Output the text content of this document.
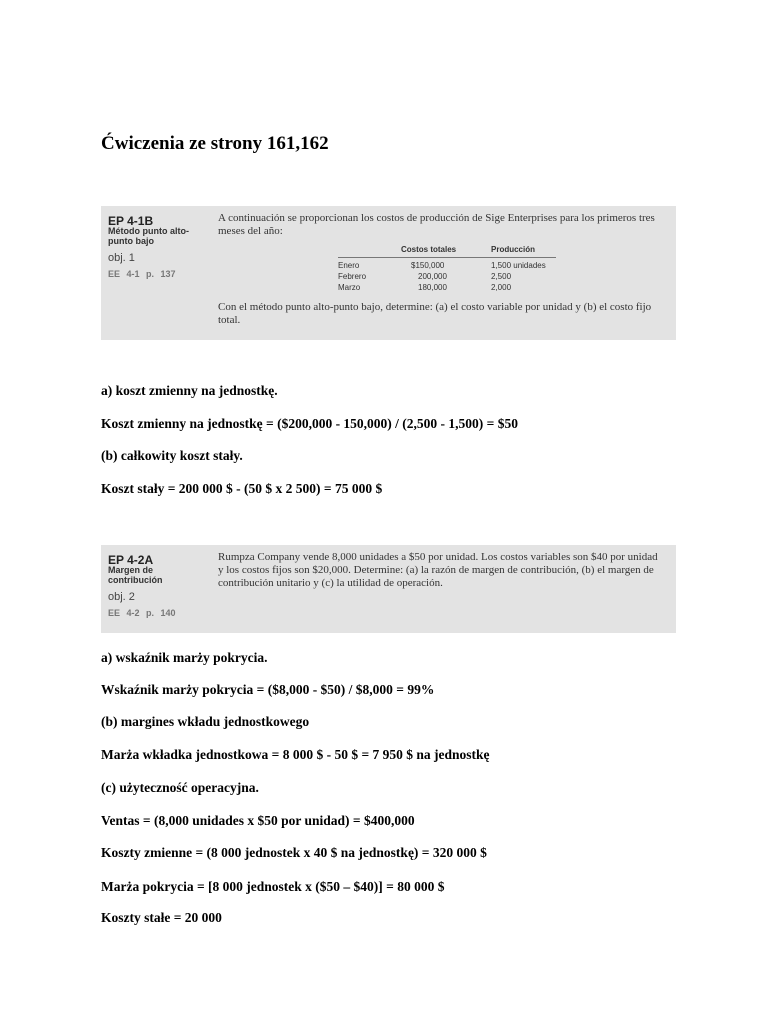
Ćwiczenia ze strony 161,162
EP 4-1B
Método punto alto-punto bajo
obj. 1
EE 4-1 p. 137
A continuación se proporcionan los costos de producción de Sige Enterprises para los primeros tres meses del año:
Costos totales	Producción
Enero	$150,000	1,500 unidades
Febrero	200,000	2,500
Marzo	180,000	2,000
Con el método punto alto-punto bajo, determine: (a) el costo variable por unidad y (b) el costo fijo total.
a) koszt zmienny na jednostkę.
Koszt zmienny na jednostkę = ($200,000 - 150,000) / (2,500 - 1,500) = $50
(b) całkowity koszt stały.
Koszt stały = 200 000 $ - (50 $ x 2 500) = 75 000 $
EP 4-2A
Margen de contribución
obj. 2
EE 4-2 p. 140
Rumpza Company vende 8,000 unidades a $50 por unidad. Los costos variables son $40 por unidad y los costos fijos son $20,000. Determine: (a) la razón de margen de contribución, (b) el margen de contribución unitario y (c) la utilidad de operación.
a) wskaźnik marży pokrycia.
Wskaźnik marży pokrycia = ($8,000 - $50) / $8,000 = 99%
(b) margines wkładu jednostkowego
Marża wkładka jednostkowa = 8 000 $ - 50 $ = 7 950 $ na jednostkę
(c) użyteczność operacyjna.
Ventas = (8,000 unidades x $50 por unidad) = $400,000
Koszty zmienne = (8 000 jednostek x 40 $ na jednostkę) = 320 000 $
Marża pokrycia = [8 000 jednostek x ($50 – $40)] = 80 000 $
Koszty stałe = 20 000
